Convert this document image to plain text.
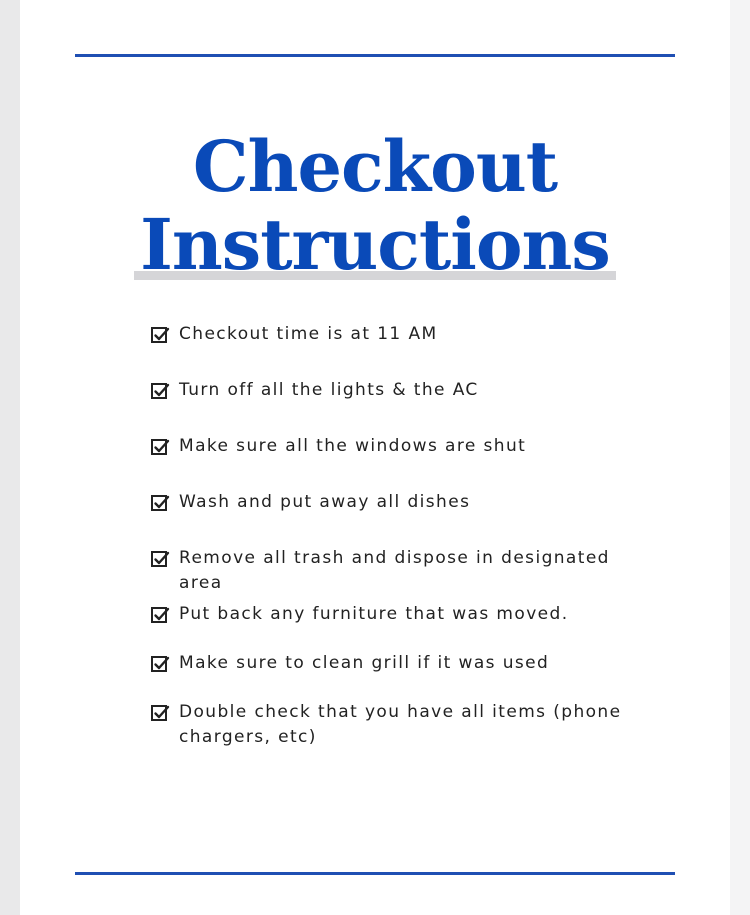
Checkout
Instructions
Checkout time is at 11 AM
Turn off all the lights & the AC
Make sure all the windows are shut
Wash and put away all dishes
Remove all trash and dispose in designated area
Put back any furniture that was moved.
Make sure to clean grill if it was used
Double check that you have all items (phone chargers, etc)
